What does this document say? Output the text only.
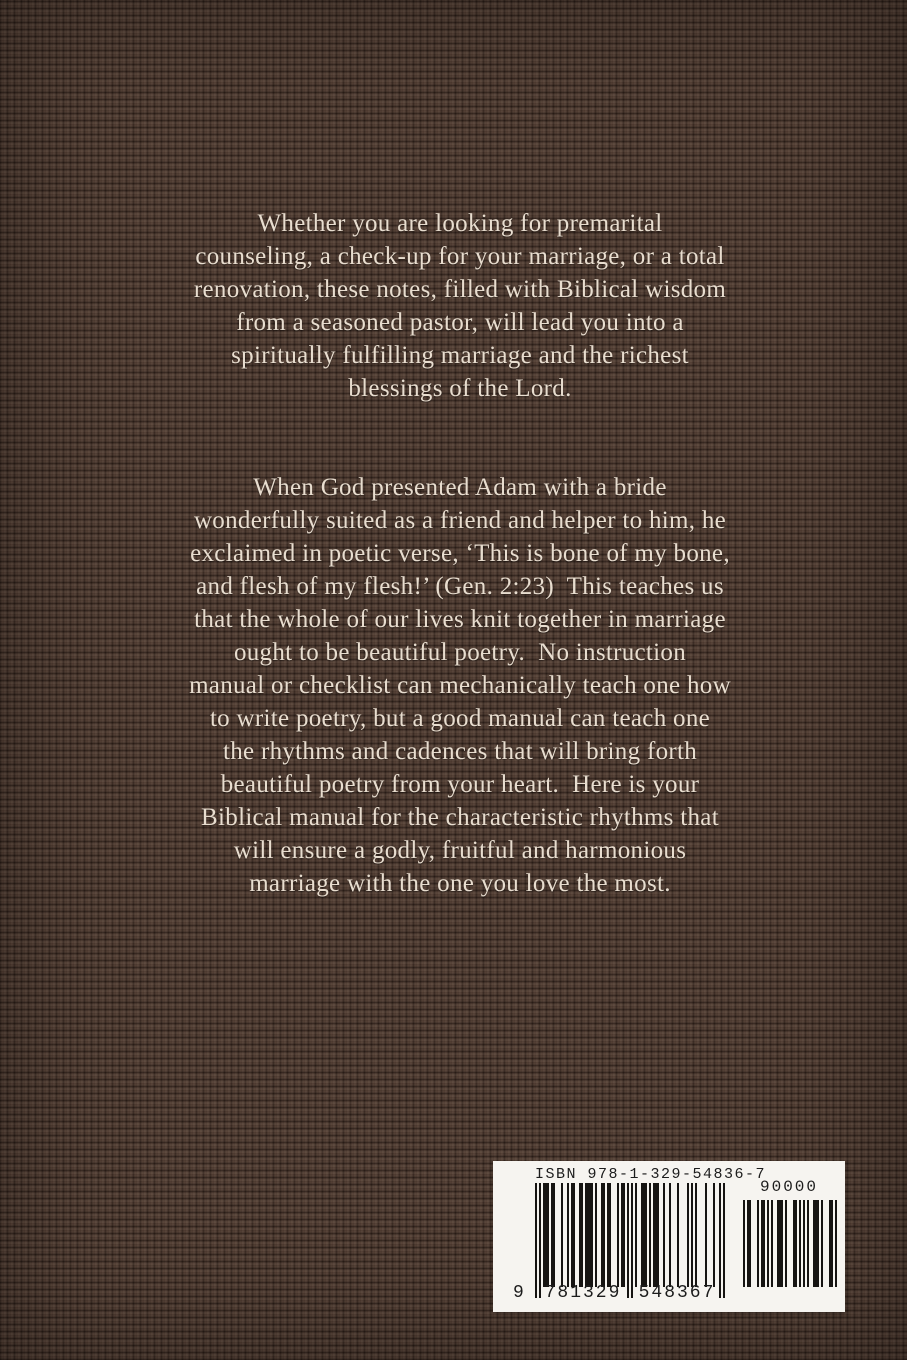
Whether you are looking for premarital
counseling, a check-up for your marriage, or a total
renovation, these notes, filled with Biblical wisdom
from a seasoned pastor, will lead you into a
spiritually fulfilling marriage and the richest
blessings of the Lord.
When God presented Adam with a bride
wonderfully suited as a friend and helper to him, he
exclaimed in poetic verse, ‘This is bone of my bone,
and flesh of my flesh!’ (Gen. 2:23)  This teaches us
that the whole of our lives knit together in marriage
ought to be beautiful poetry.  No instruction
manual or checklist can mechanically teach one how
to write poetry, but a good manual can teach one
the rhythms and cadences that will bring forth
beautiful poetry from your heart.  Here is your
Biblical manual for the characteristic rhythms that
will ensure a godly, fruitful and harmonious
marriage with the one you love the most.
ISBN 978-1-329-54836-7
90000
9	781329 548367
